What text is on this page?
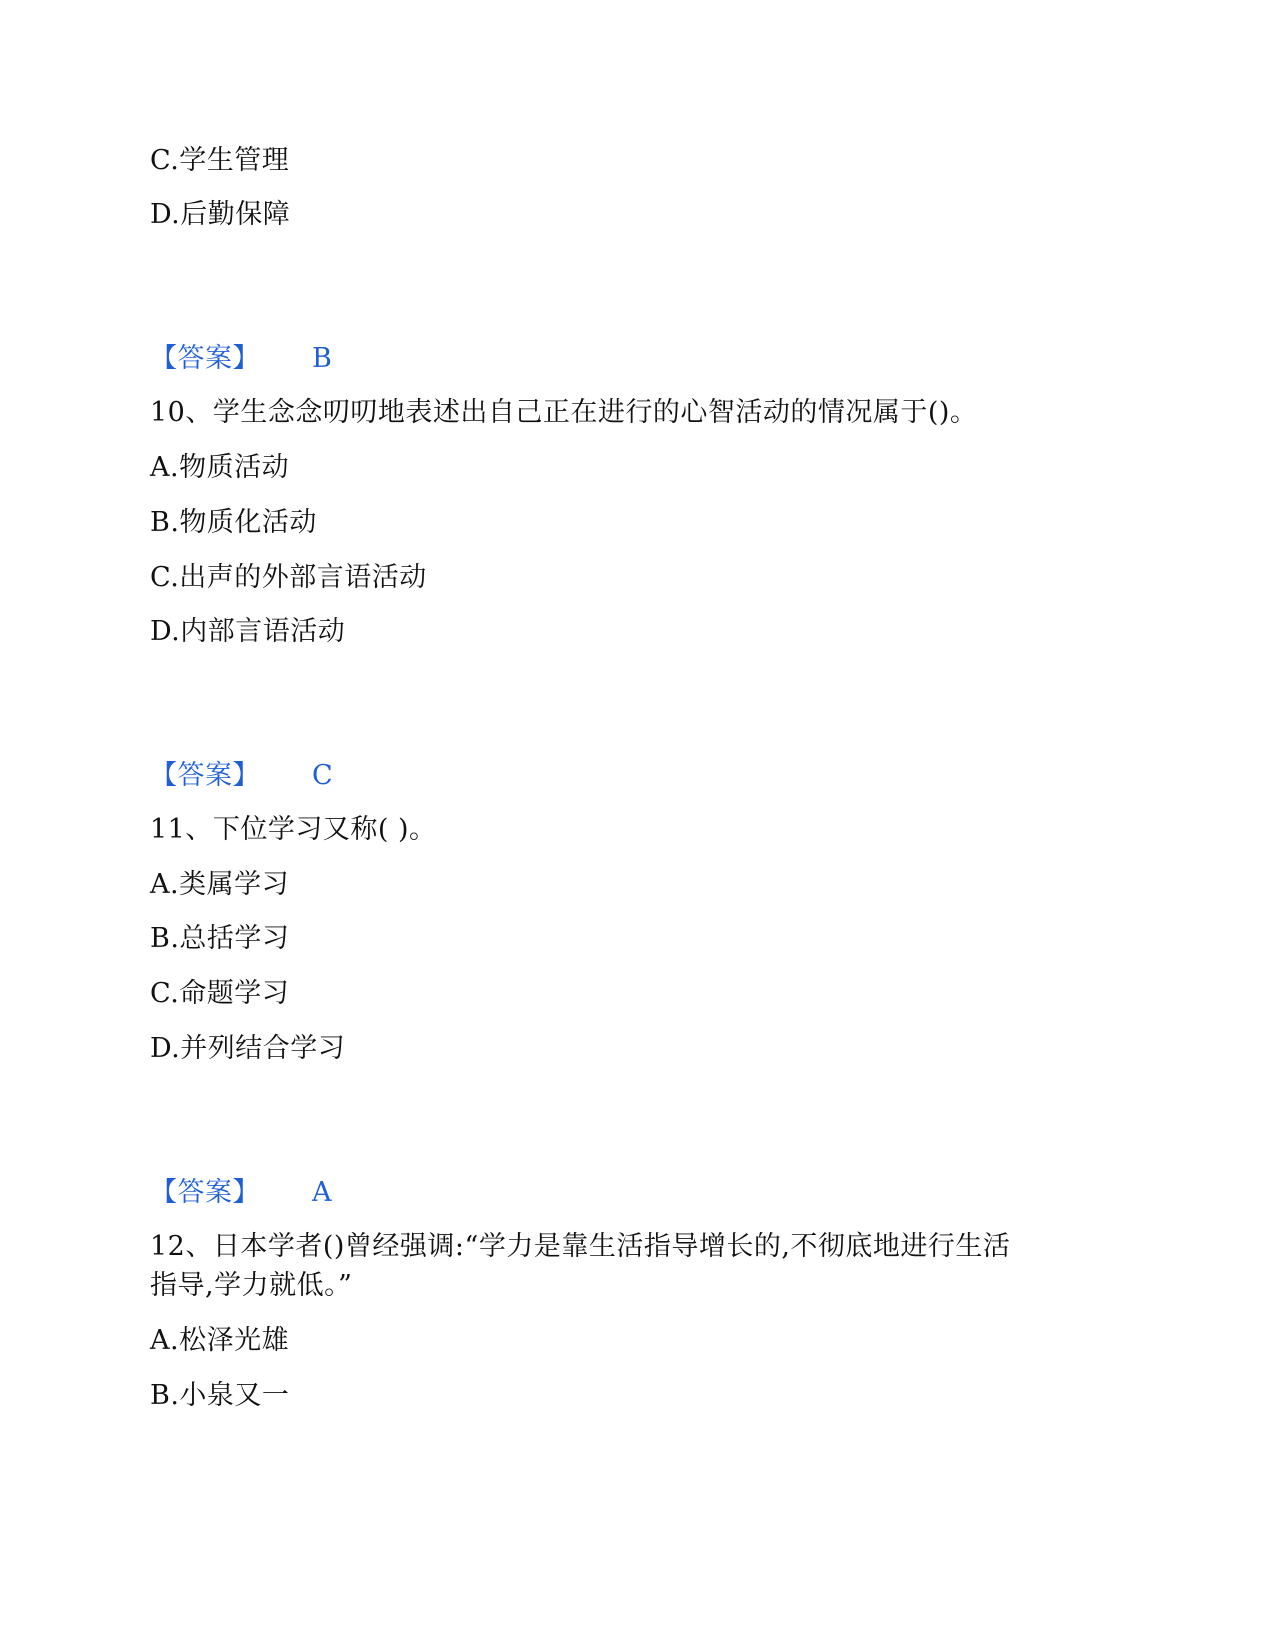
C.学生管理
D.后勤保障
【答案】 B
10、学生念念叨叨地表述出自己正在进行的心智活动的情况属于()。
A.物质活动
B.物质化活动
C.出声的外部言语活动
D.内部言语活动
【答案】 C
11、下位学习又称( )。
A.类属学习
B.总括学习
C.命题学习
D.并列结合学习
【答案】 A
12、日本学者()曾经强调:“学力是靠生活指导增长的,不彻底地进行生活
指导,学力就低。”
A.松泽光雄
B.小泉又一
